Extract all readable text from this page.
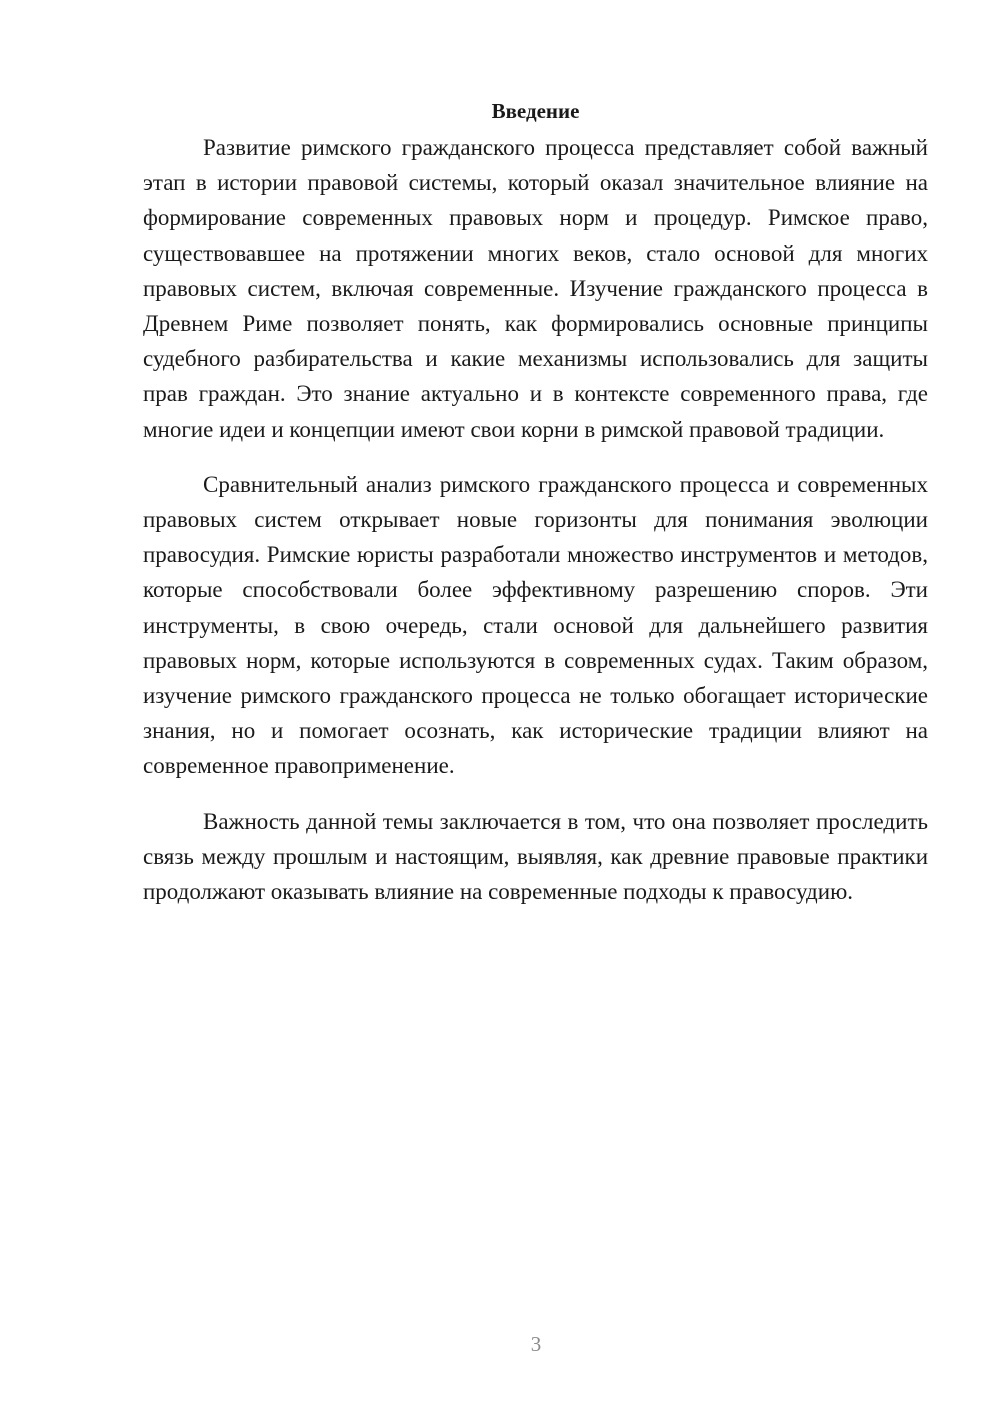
Введение

Развитие римского гражданского процесса представляет собой важный этап в истории правовой системы, который оказал значительное влияние на формирование современных правовых норм и процедур. Римское право, существовавшее на протяжении многих веков, стало основой для многих правовых систем, включая современные. Изучение гражданского процесса в Древнем Риме позволяет понять, как формировались основные принципы судебного разбирательства и какие механизмы использовались для защиты прав граждан. Это знание актуально и в контексте современного права, где многие идеи и концепции имеют свои корни в римской правовой традиции.

Сравнительный анализ римского гражданского процесса и современных правовых систем открывает новые горизонты для понимания эволюции правосудия. Римские юристы разработали множество инструментов и методов, которые способствовали более эффективному разрешению споров. Эти инструменты, в свою очередь, стали основой для дальнейшего развития правовых норм, которые используются в современных судах. Таким образом, изучение римского гражданского процесса не только обогащает исторические знания, но и помогает осознать, как исторические традиции влияют на современное правоприменение.

Важность данной темы заключается в том, что она позволяет проследить связь между прошлым и настоящим, выявляя, как древние правовые практики продолжают оказывать влияние на современные подходы к правосудию.

3
